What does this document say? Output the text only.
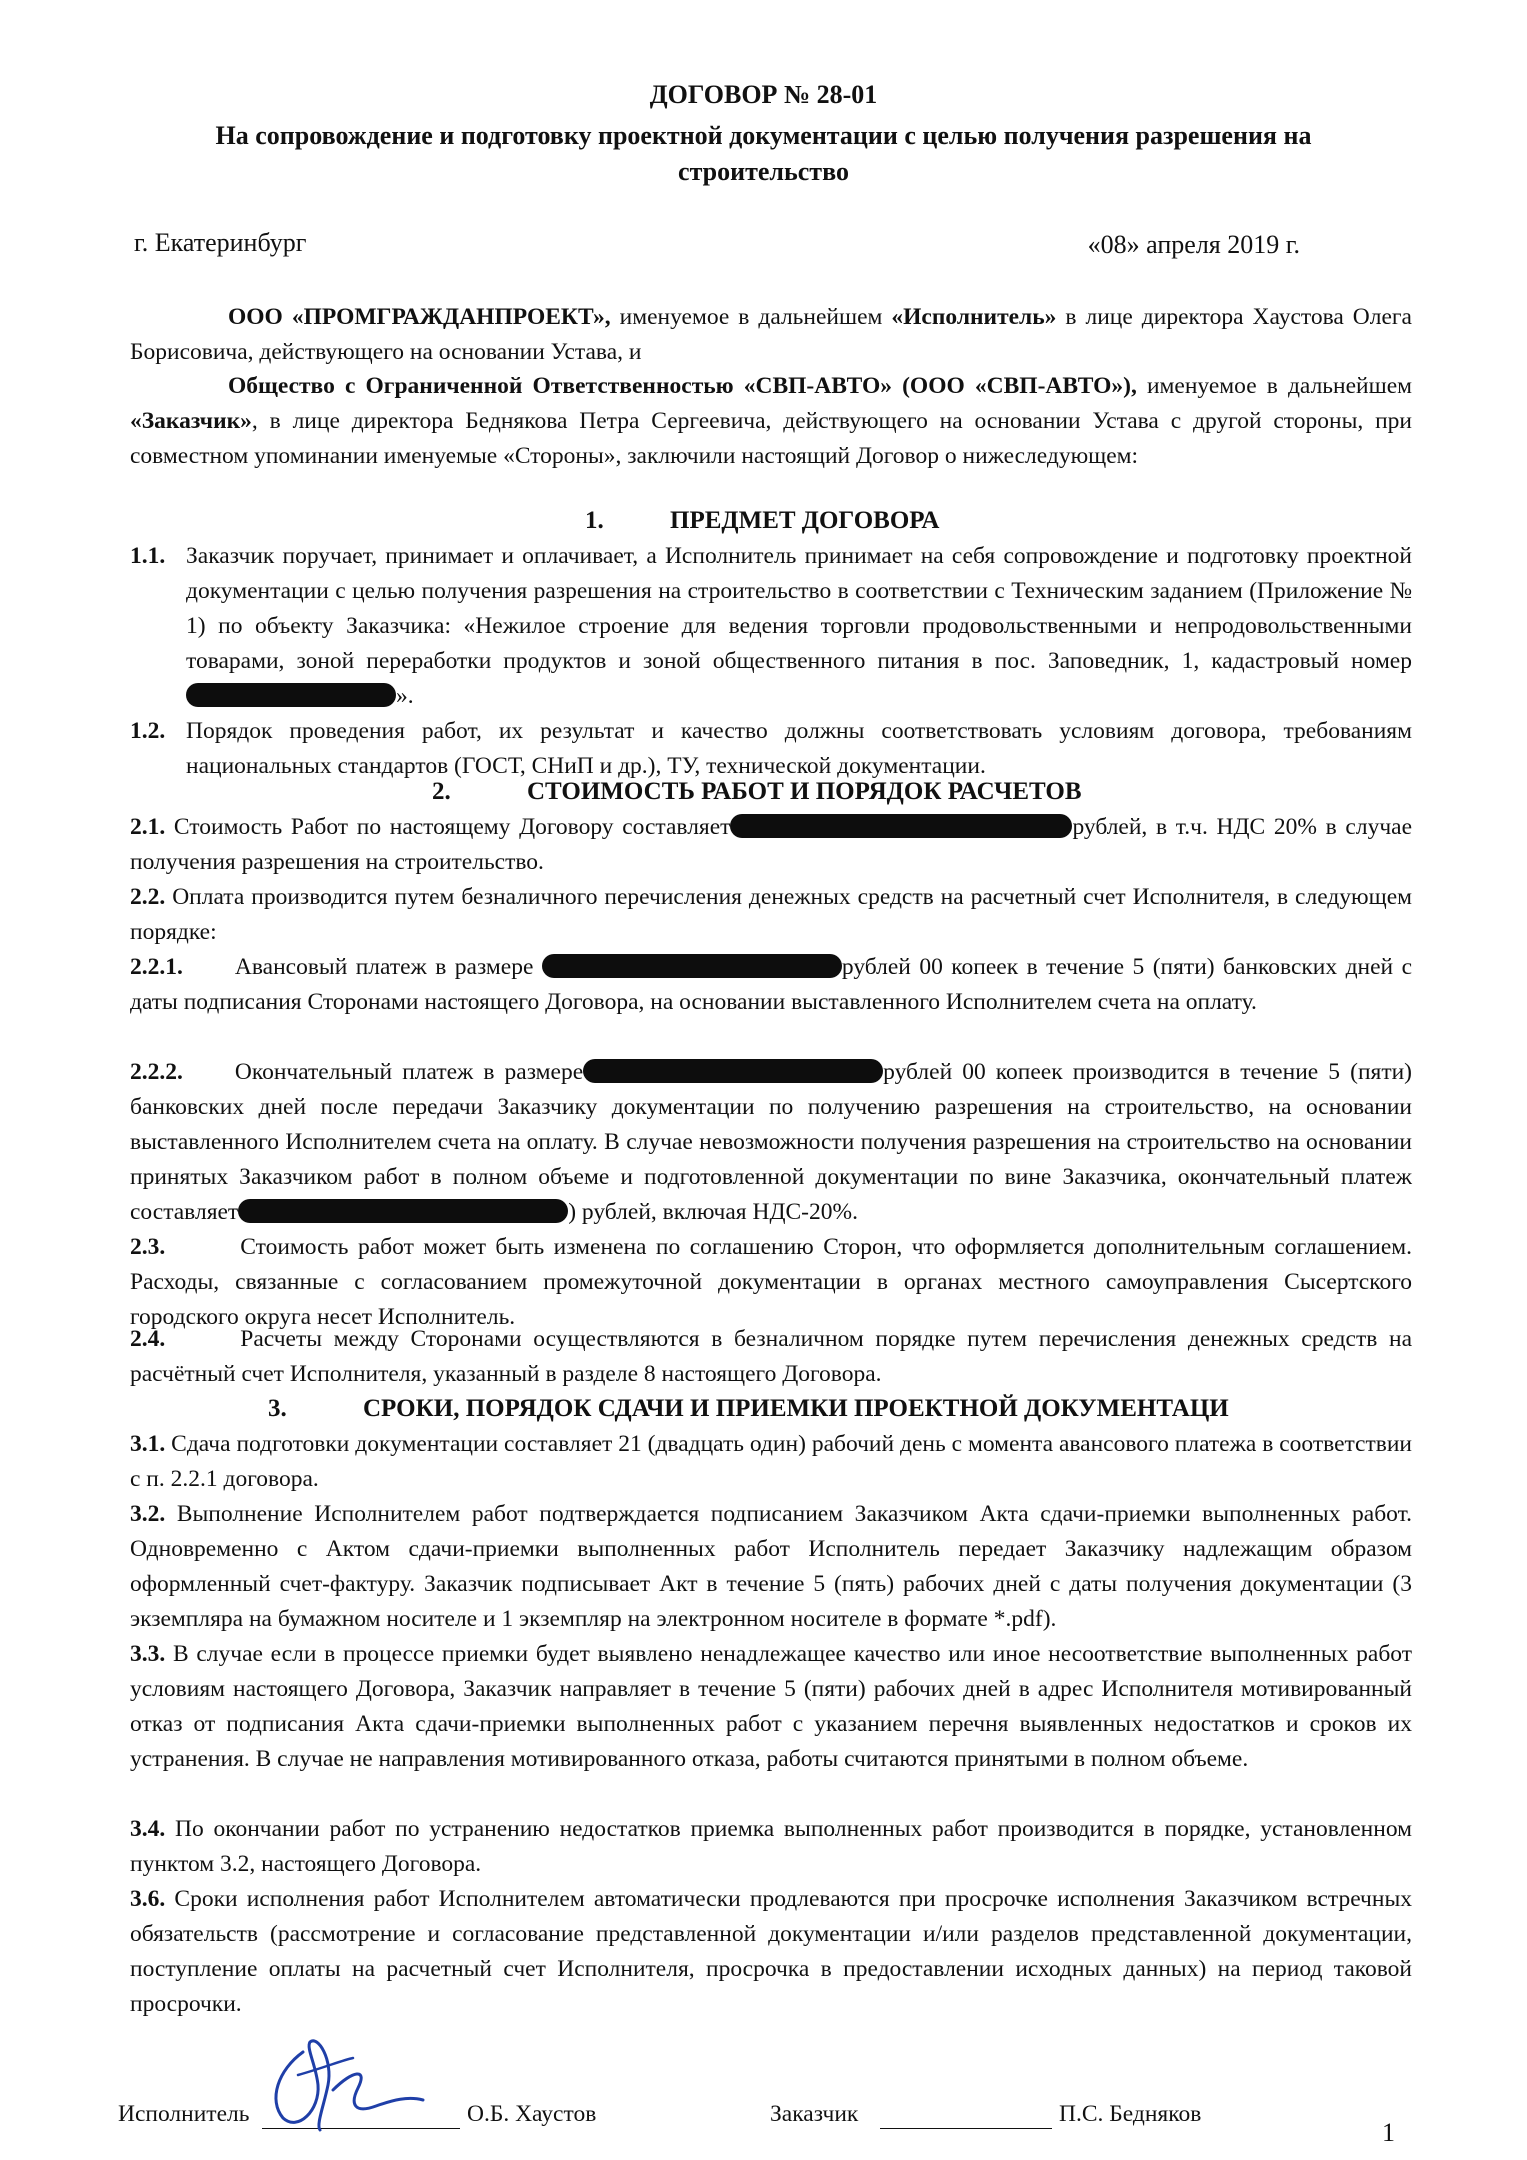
ДОГОВОР № 28-01
На сопровождение и подготовку проектной документации с целью получения разрешения на строительство
г. Екатеринбург	«08» апреля 2019 г.
ООО «ПРОМГРАЖДАНПРОЕКТ», именуемое в дальнейшем «Исполнитель» в лице директора Хаустова Олега Борисовича, действующего на основании Устава, и
Общество с Ограниченной Ответственностью «СВП-АВТО» (ООО «СВП-АВТО»), именуемое в дальнейшем «Заказчик», в лице директора Беднякова Петра Сергеевича, действующего на основании Устава с другой стороны, при совместном упоминании именуемые «Стороны», заключили настоящий Договор о нижеследующем:
1.	ПРЕДМЕТ ДОГОВОРА
1.1. Заказчик поручает, принимает и оплачивает, а Исполнитель принимает на себя сопровождение и подготовку проектной документации с целью получения разрешения на строительство в соответствии с Техническим заданием (Приложение № 1) по объекту Заказчика: «Нежилое строение для ведения торговли продовольственными и непродовольственными товарами, зоной переработки продуктов и зоной общественного питания в пос. Заповедник, 1, кадастровый номер ».
1.2. Порядок проведения работ, их результат и качество должны соответствовать условиям договора, требованиям национальных стандартов (ГОСТ, СНиП и др.), ТУ, технической документации.
2.	СТОИМОСТЬ РАБОТ И ПОРЯДОК РАСЧЕТОВ
2.1. Стоимость Работ по настоящему Договору составляет	рублей, в т.ч. НДС 20% в случае получения разрешения на строительство.
2.2. Оплата производится путем безналичного перечисления денежных средств на расчетный счет Исполнителя, в следующем порядке:
2.2.1. Авансовый платеж в размере	рублей 00 копеек в течение 5 (пяти) банковских дней с даты подписания Сторонами настоящего Договора, на основании выставленного Исполнителем счета на оплату.
2.2.2. Окончательный платеж в размере	рублей 00 копеек производится в течение 5 (пяти) банковских дней после передачи Заказчику документации по получению разрешения на строительство, на основании выставленного Исполнителем счета на оплату. В случае невозможности получения разрешения на строительство на основании принятых Заказчиком работ в полном объеме и подготовленной документации по вине Заказчика, окончательный платеж составляет	) рублей, включая НДС-20%.
2.3.	Стоимость работ может быть изменена по соглашению Сторон, что оформляется дополнительным соглашением. Расходы, связанные с согласованием промежуточной документации в органах местного самоуправления Сысертского городского округа несет Исполнитель.
2.4.	Расчеты между Сторонами осуществляются в безналичном порядке путем перечисления денежных средств на расчётный счет Исполнителя, указанный в разделе 8 настоящего Договора.
3.	СРОКИ, ПОРЯДОК СДАЧИ И ПРИЕМКИ ПРОЕКТНОЙ ДОКУМЕНТАЦИ
3.1. Сдача подготовки документации составляет 21 (двадцать один) рабочий день с момента авансового платежа в соответствии с п. 2.2.1 договора.
3.2. Выполнение Исполнителем работ подтверждается подписанием Заказчиком Акта сдачи-приемки выполненных работ. Одновременно с Актом сдачи-приемки выполненных работ Исполнитель передает Заказчику надлежащим образом оформленный счет-фактуру. Заказчик подписывает Акт в течение 5 (пять) рабочих дней с даты получения документации (3 экземпляра на бумажном носителе и 1 экземпляр на электронном носителе в формате *.pdf).
3.3. В случае если в процессе приемки будет выявлено ненадлежащее качество или иное несоответствие выполненных работ условиям настоящего Договора, Заказчик направляет в течение 5 (пяти) рабочих дней в адрес Исполнителя мотивированный отказ от подписания Акта сдачи-приемки выполненных работ с указанием перечня выявленных недостатков и сроков их устранения. В случае не направления мотивированного отказа, работы считаются принятыми в полном объеме.
3.4. По окончании работ по устранению недостатков приемка выполненных работ производится в порядке, установленном пунктом 3.2, настоящего Договора.
3.6. Сроки исполнения работ Исполнителем автоматически продлеваются при просрочке исполнения Заказчиком встречных обязательств (рассмотрение и согласование представленной документации и/или разделов представленной документации, поступление оплаты на расчетный счет Исполнителя, просрочка в предоставлении исходных данных) на период таковой просрочки.
Исполнитель	О.Б. Хаустов	Заказчик	П.С. Бедняков
1
